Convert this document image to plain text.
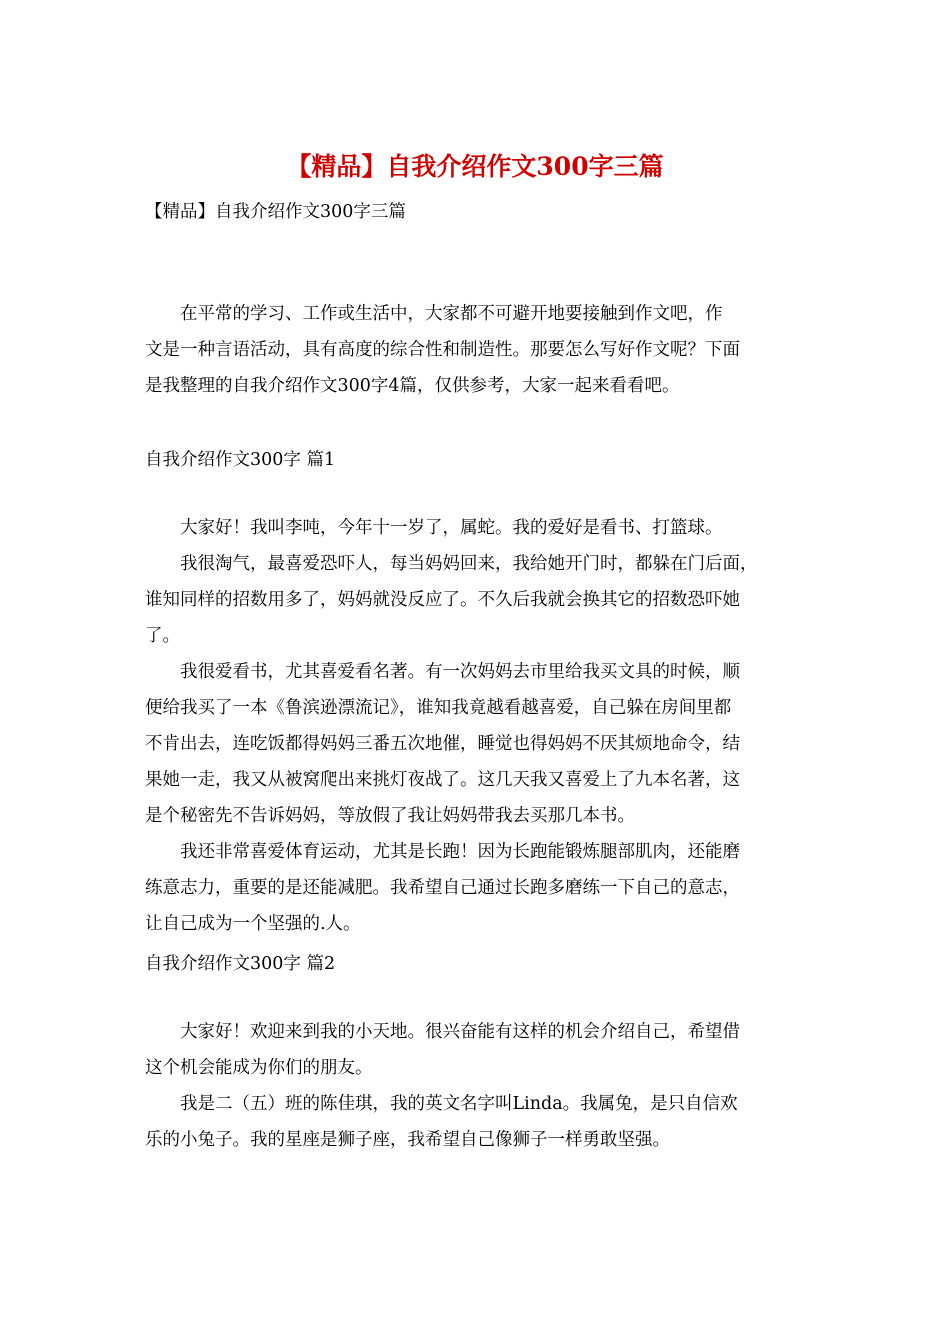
【精品】自我介绍作文300字三篇
【精品】自我介绍作文300字三篇
　　在平常的学习、工作或生活中，大家都不可避开地要接触到作文吧，作
文是一种言语活动，具有高度的综合性和制造性。那要怎么写好作文呢？下面
是我整理的自我介绍作文300字4篇，仅供参考，大家一起来看看吧。
自我介绍作文300字 篇1
　　大家好！我叫李吨，今年十一岁了，属蛇。我的爱好是看书、打篮球。
　　我很淘气，最喜爱恐吓人，每当妈妈回来，我给她开门时，都躲在门后面，
谁知同样的招数用多了，妈妈就没反应了。不久后我就会换其它的招数恐吓她
了。
　　我很爱看书，尤其喜爱看名著。有一次妈妈去市里给我买文具的时候，顺
便给我买了一本《鲁滨逊漂流记》，谁知我竟越看越喜爱，自己躲在房间里都
不肯出去，连吃饭都得妈妈三番五次地催，睡觉也得妈妈不厌其烦地命令，结
果她一走，我又从被窝爬出来挑灯夜战了。这几天我又喜爱上了九本名著，这
是个秘密先不告诉妈妈，等放假了我让妈妈带我去买那几本书。
　　我还非常喜爱体育运动，尤其是长跑！因为长跑能锻炼腿部肌肉，还能磨
练意志力，重要的是还能减肥。我希望自己通过长跑多磨练一下自己的意志，
让自己成为一个坚强的.人。
自我介绍作文300字 篇2
　　大家好！欢迎来到我的小天地。很兴奋能有这样的机会介绍自己，希望借
这个机会能成为你们的朋友。
　　我是二（五）班的陈佳琪，我的英文名字叫Linda。我属兔，是只自信欢
乐的小兔子。我的星座是狮子座，我希望自己像狮子一样勇敢坚强。
